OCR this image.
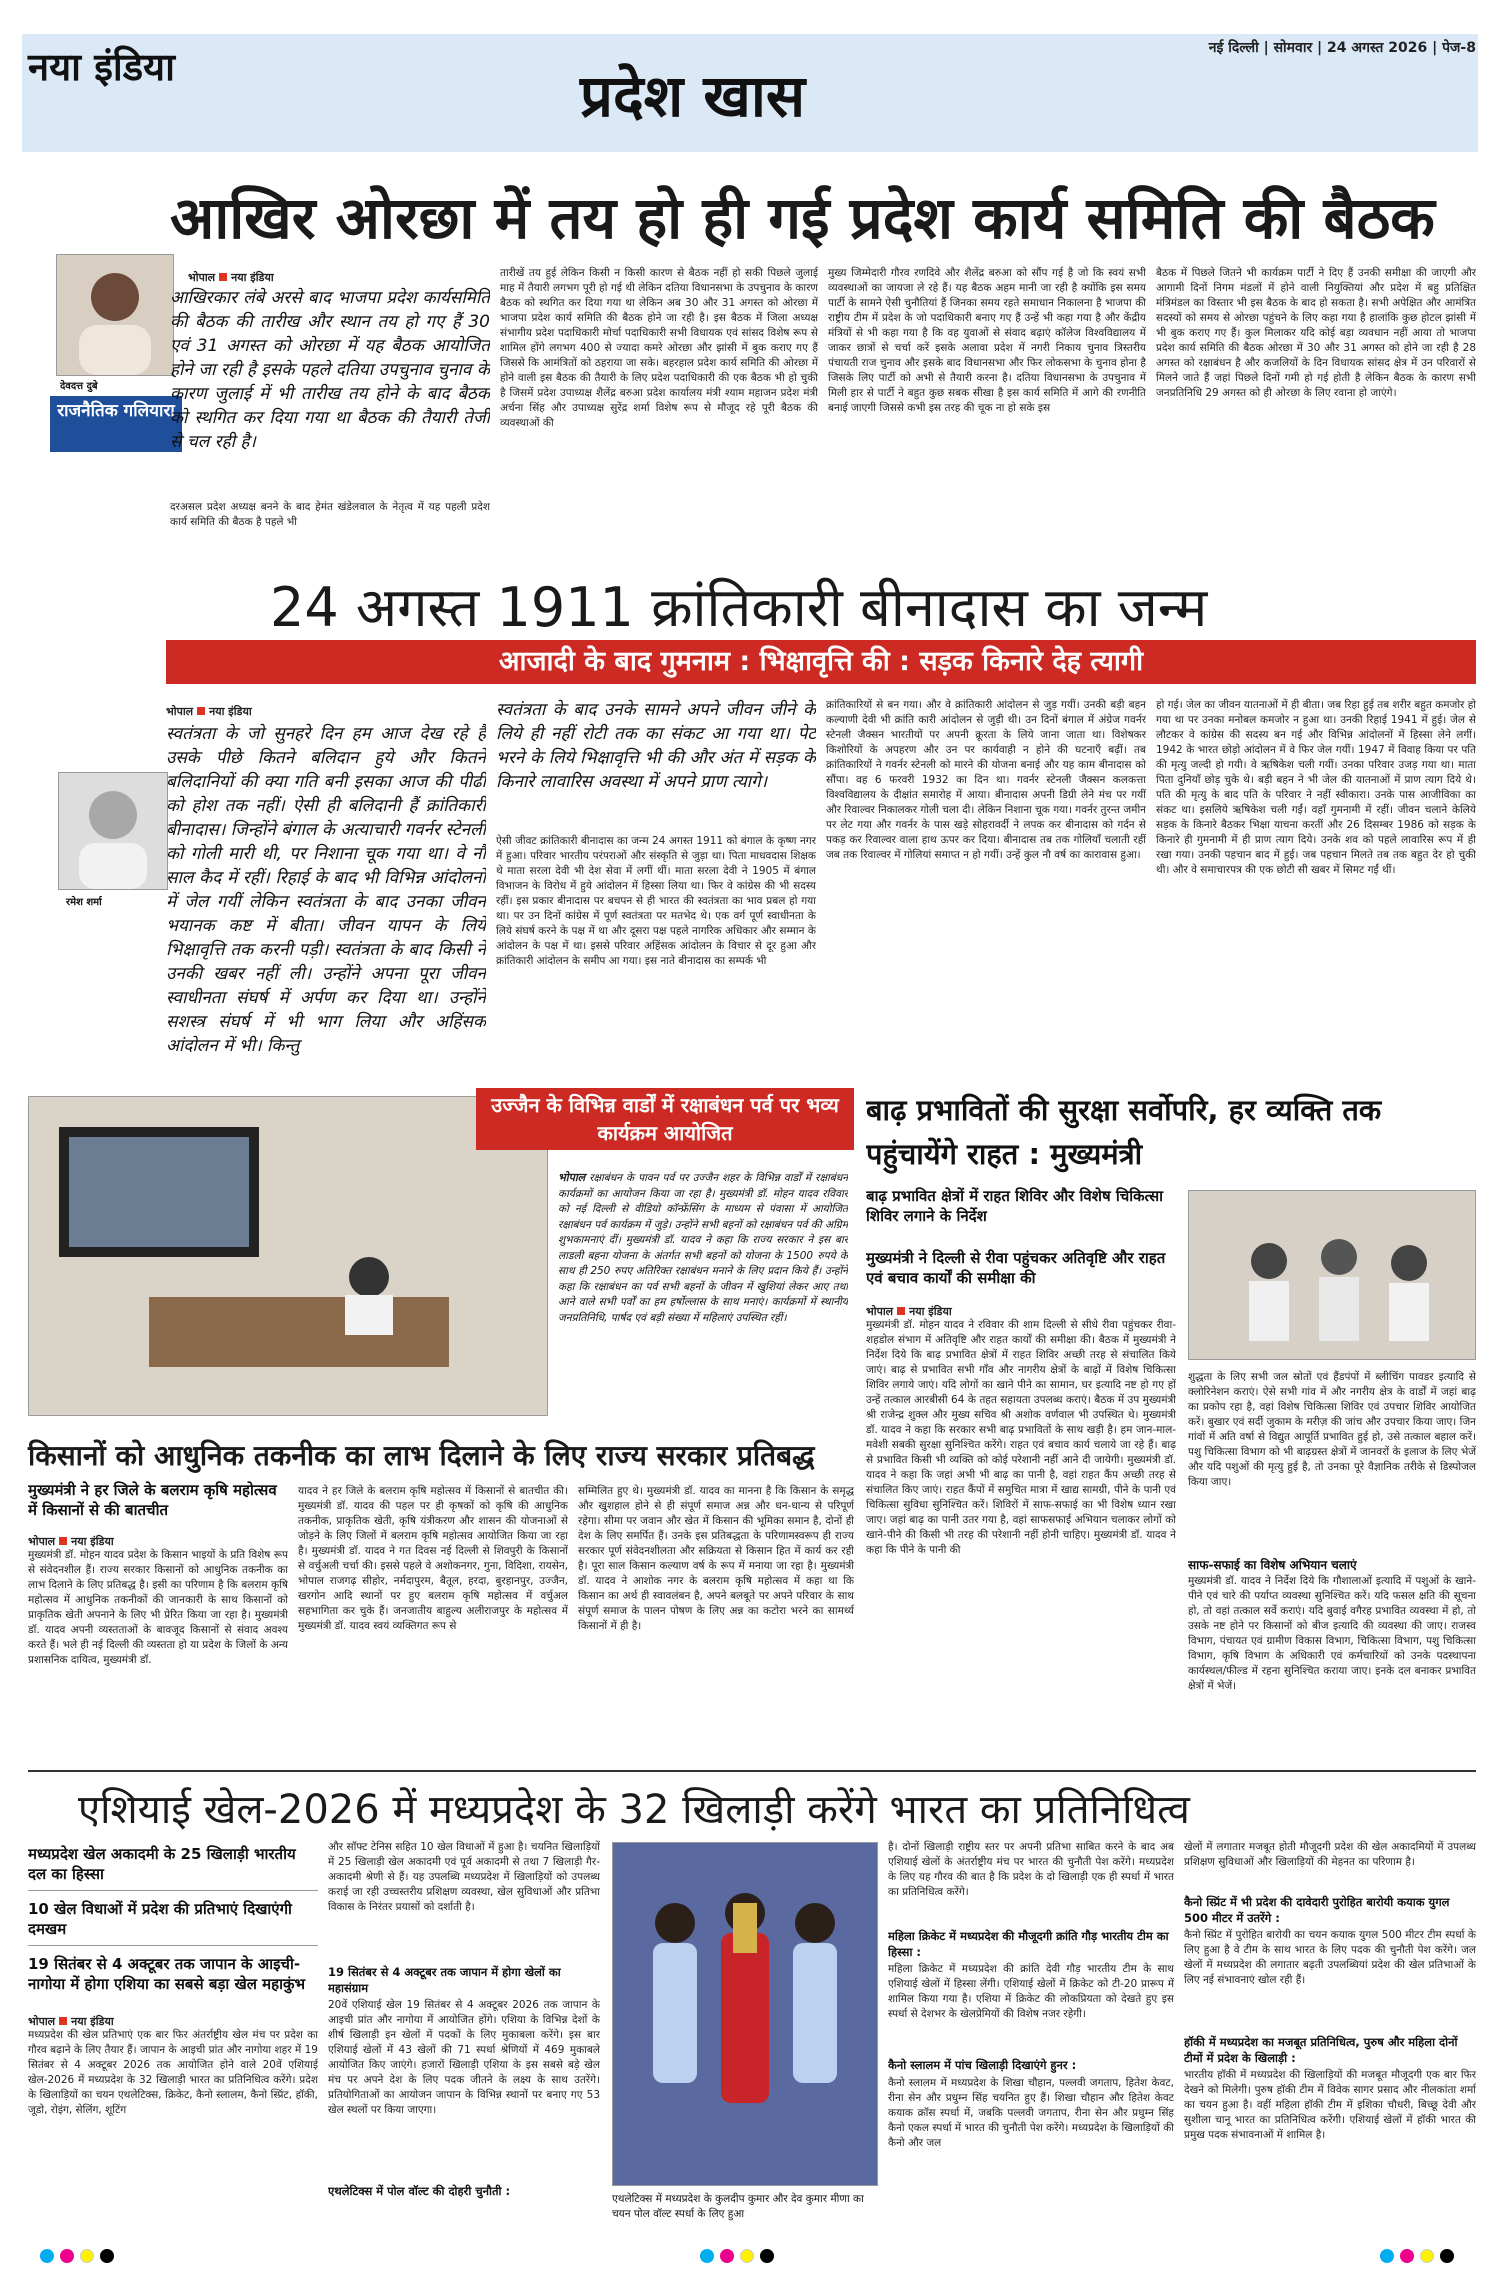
नया इंडिया	प्रदेश खास
नई दिल्ली | सोमवार | 24 अगस्त 2026 | पेज-8
आखिर ओरछा में तय हो ही गई प्रदेश कार्य समिति की बैठक
देवदत्त दुबे
राजनैतिक गलियारा
भोपाल नया इंडिया
आखिरकार लंबे अरसे बाद भाजपा प्रदेश कार्यसमिति की बैठक की तारीख और स्थान तय हो गए हैं 30 एवं 31 अगस्त को ओरछा में यह बैठक आयोजित होने जा रही है इसके पहले दतिया उपचुनाव चुनाव के कारण जुलाई में भी तारीख तय होने के बाद बैठक को स्थगित कर दिया गया था बैठक की तैयारी तेजी से चल रही है।
दरअसल प्रदेश अध्यक्ष बनने के बाद हेमंत खंडेलवाल के नेतृत्व में यह पहली प्रदेश कार्य समिति की बैठक है पहले भी
तारीखें तय हुई लेकिन किसी न किसी कारण से बैठक नहीं हो सकी पिछले जुलाई माह में तैयारी लगभग पूरी हो गई थी लेकिन दतिया विधानसभा के उपचुनाव के कारण बैठक को स्थगित कर दिया गया था लेकिन अब 30 और 31 अगस्त को ओरछा में भाजपा प्रदेश कार्य समिति की बैठक होने जा रही है। इस बैठक में जिला अध्यक्ष संभागीय प्रदेश पदाधिकारी मोर्चा पदाधिकारी सभी विधायक एवं सांसद विशेष रूप से शामिल होंगे लगभग 400 से ज्यादा कमरे ओरछा और झांसी में बुक कराए गए हैं जिससे कि आमंत्रितों को ठहराया जा सके। बहरहाल प्रदेश कार्य समिति की ओरछा में होने वाली इस बैठक की तैयारी के लिए प्रदेश पदाधिकारी की एक बैठक भी हो चुकी है जिसमें प्रदेश उपाध्यक्ष शैलेंद्र बरुआ प्रदेश कार्यालय मंत्री श्याम महाजन प्रदेश मंत्री अर्चना सिंह और उपाध्यक्ष सुरेंद्र शर्मा विशेष रूप से मौजूद रहे पूरी बैठक की व्यवस्थाओं की
मुख्य जिम्मेदारी गौरव रणदिवे और शैलेंद्र बरुआ को सौंप गई है जो कि स्वयं सभी व्यवस्थाओं का जायजा ले रहे हैं। यह बैठक अहम मानी जा रही है क्योंकि इस समय पार्टी के सामने ऐसी चुनौतियां हैं जिनका समय रहते समाधान निकालना है भाजपा की राष्ट्रीय टीम में प्रदेश के जो पदाधिकारी बनाए गए हैं उन्हें भी कहा गया है और केंद्रीय मंत्रियों से भी कहा गया है कि वह युवाओं से संवाद बढ़ाएं कॉलेज विश्वविद्यालय में जाकर छात्रों से चर्चा करें इसके अलावा प्रदेश में नगरी निकाय चुनाव त्रिस्तरीय पंचायती राज चुनाव और इसके बाद विधानसभा और फिर लोकसभा के चुनाव होना है जिसके लिए पार्टी को अभी से तैयारी करना है। दतिया विधानसभा के उपचुनाव में मिली हार से पार्टी ने बहुत कुछ सबक सीखा है इस कार्य समिति में आगे की रणनीति बनाई जाएगी जिससे कभी इस तरह की चूक ना हो सके इस
बैठक में पिछले जितने भी कार्यक्रम पार्टी ने दिए हैं उनकी समीक्षा की जाएगी और आगामी दिनों निगम मंडलों में होने वाली नियुक्तियां और प्रदेश में बहु प्रतिक्षित मंत्रिमंडल का विस्तार भी इस बैठक के बाद हो सकता है। सभी अपेक्षित और आमंत्रित सदस्यों को समय से ओरछा पहुंचने के लिए कहा गया है हालांकि कुछ होटल झांसी में भी बुक कराए गए हैं। कुल मिलाकर यदि कोई बड़ा व्यवधान नहीं आया तो भाजपा प्रदेश कार्य समिति की बैठक ओरछा में 30 और 31 अगस्त को होने जा रही है 28 अगस्त को रक्षाबंधन है और कजलियों के दिन विधायक सांसद क्षेत्र में उन परिवारों से मिलने जाते हैं जहां पिछले दिनों गमी हो गई होती है लेकिन बैठक के कारण सभी जनप्रतिनिधि 29 अगस्त को ही ओरछा के लिए रवाना हो जाएंगे।
24 अगस्त 1911 क्रांतिकारी बीनादास का जन्म
आजादी के बाद गुमनाम : भिक्षावृत्ति की : सड़क किनारे देह त्यागी
रमेश शर्मा
भोपाल नया इंडिया
स्वतंत्रता के जो सुनहरे दिन हम आज देख रहे हैं उसके पीछे कितने बलिदान हुये और कितने बलिदानियों की क्या गति बनी इसका आज की पीढी को होश तक नहीं। ऐसी ही बलिदानी हैं क्रांतिकारी बीनादास। जिन्होंने बंगाल के अत्याचारी गवर्नर स्टेनली को गोली मारी थी, पर निशाना चूक गया था। वे नौ साल कैद में रहीं। रिहाई के बाद भी विभिन्न आंदोलनों में जेल गयीं लेकिन स्वतंत्रता के बाद उनका जीवन भयानक कष्ट में बीता। जीवन यापन के लिये भिक्षावृत्ति तक करनी पड़ी। स्वतंत्रता के बाद किसी ने उनकी खबर नहीं ली। उन्होंने अपना पूरा जीवन स्वाधीनता संघर्ष में अर्पण कर दिया था। उन्होंने सशस्त्र संघर्ष में भी भाग लिया और अहिंसक आंदोलन में भी। किन्तु
स्वतंत्रता के बाद उनके सामने अपने जीवन जीने के लिये ही नहीं रोटी तक का संकट आ गया था। पेट भरने के लिये भिक्षावृत्ति भी की और अंत में सड़क के किनारे लावारिस अवस्था में अपने प्राण त्यागे।
ऐसी जीवट क्रांतिकारी बीनादास का जन्म 24 अगस्त 1911 को बंगाल के कृष्ण नगर में हुआ। परिवार भारतीय परंपराओं और संस्कृति से जुड़ा था। पिता माधवदास शिक्षक थे माता सरला देवी भी देश सेवा में लगीं थीं। माता सरला देवी ने 1905 में बंगाल विभाजन के विरोध में हुये आंदोलन में हिस्सा लिया था। फिर वे कांग्रेस की भी सदस्य रहीं। इस प्रकार बीनादास पर बचपन से ही भारत की स्वतंत्रता का भाव प्रबल हो गया था। पर उन दिनों कांग्रेस में पूर्ण स्वतंत्रता पर मतभेद थे। एक वर्ग पूर्ण स्वाधीनता के लिये संघर्ष करने के पक्ष में था और दूसरा पक्ष पहले नागरिक अधिकार और सम्मान के आंदोलन के पक्ष में था। इससे परिवार अहिंसक आंदोलन के विचार से दूर हुआ और क्रांतिकारी आंदोलन के समीप आ गया। इस नाते बीनादास का सम्पर्क भी
क्रांतिकारियों से बन गया। और वे क्रांतिकारी आंदोलन से जुड़ गयीं। उनकी बड़ी बहन कल्याणी देवी भी क्रांति कारी आंदोलन से जुड़ी थी। उन दिनों बंगाल में अंग्रेज गवर्नर स्टेनली जैक्सन भारतीयों पर अपनी क्रूरता के लिये जाना जाता था। विशेषकर किशोरियों के अपहरण और उन पर कार्यवाही न होने की घटनाएँ बढ़ीं। तब क्रांतिकारियों ने गवर्नर स्टेनली को मारने की योजना बनाई और यह काम बीनादास को सौंपा। वह 6 फरवरी 1932 का दिन था। गवर्नर स्टेनली जैक्सन कलकत्ता विश्वविद्यालय के दीक्षांत समारोह में आया। बीनादास अपनी डिग्री लेने मंच पर गयीं और रिवाल्वर निकालकर गोली चला दी। लेकिन निशाना चूक गया। गवर्नर तुरन्त जमीन पर लेट गया और गवर्नर के पास खड़े सोहरावर्दी ने लपक कर बीनादास को गर्दन से पकड़ कर रिवाल्वर वाला हाथ ऊपर कर दिया। बीनादास तब तक गोलियाँ चलाती रहीं जब तक रिवाल्वर में गोलियां समाप्त न हो गयीं। उन्हें कुल नौ वर्ष का कारावास हुआ।
हो गई। जेल का जीवन यातनाओं में ही बीता। जब रिहा हुई तब शरीर बहुत कमजोर हो गया था पर उनका मनोबल कमजोर न हुआ था। उनकी रिहाई 1941 में हुई। जेल से लौटकर वे कांग्रेस की सदस्य बन गई और विभिन्न आंदोलनों में हिस्सा लेने लगीं। 1942 के भारत छोड़ो आंदोलन में वे फिर जेल गयीं। 1947 में विवाह किया पर पति की मृत्यु जल्दी हो गयी। वे ऋषिकेश चली गयीं। उनका परिवार उजड़ गया था। माता पिता दुनियाँ छोड़ चुके थे। बड़ी बहन ने भी जेल की यातनाओं में प्राण त्याग दिये थे। पति की मृत्यु के बाद पति के परिवार ने नहीं स्वीकारा। उनके पास आजीविका का संकट था। इसलिये ऋषिकेश चली गईं। वहाँ गुमनामी में रहीं। जीवन चलाने केलिये सड़क के किनारे बैठकर भिक्षा याचना करतीं और 26 दिसम्बर 1986 को सड़क के किनारे ही गुमनामी में ही प्राण त्याग दिये। उनके शव को पहले लावारिस रूप में ही रखा गया। उनकी पहचान बाद में हुई। जब पहचान मिलते तब तक बहुत देर हो चुकी थी। और वे समाचारपत्र की एक छोटी सी खबर में सिमट गईं थीं।
उज्जैन के विभिन्न वार्डों में रक्षाबंधन पर्व पर भव्य कार्यक्रम आयोजित
भोपाल रक्षाबंधन के पावन पर्व पर उज्जैन शहर के विभिन्न वार्डों में रक्षाबंधन कार्यक्रमों का आयोजन किया जा रहा है। मुख्यमंत्री डॉ. मोहन यादव रविवार को नई दिल्ली से वीडियो कॉन्फ्रेंसिंग के माध्यम से पंवासा में आयोजित रक्षाबंधन पर्व कार्यक्रम में जुड़े। उन्होंने सभी बहनों को रक्षाबंधन पर्व की अग्रिम शुभकामनाएं दीं। मुख्यमंत्री डॉ. यादव ने कहा कि राज्य सरकार ने इस बार लाडली बहना योजना के अंतर्गत सभी बहनों को योजना के 1500 रुपये के साथ ही 250 रुपए अतिरिक्त रक्षाबंधन मनाने के लिए प्रदान किये हैं। उन्होंने कहा कि रक्षाबंधन का पर्व सभी बहनों के जीवन में खुशियां लेकर आए तथा आने वाले सभी पर्वों का हम हर्षोल्लास के साथ मनाएं। कार्यक्रमों में स्थानीय जनप्रतिनिधि, पार्षद एवं बड़ी संख्या में महिलाएं उपस्थित रहीं।
बाढ़ प्रभावितों की सुरक्षा सर्वोपरि, हर व्यक्ति तक पहुंचायेंगे राहत : मुख्यमंत्री
बाढ़ प्रभावित क्षेत्रों में राहत शिविर और विशेष चिकित्सा शिविर लगाने के निर्देश
मुख्यमंत्री ने दिल्ली से रीवा पहुंचकर अतिवृष्टि और राहत एवं बचाव कार्यों की समीक्षा की
भोपाल नया इंडिया
मुख्यमंत्री डॉ. मोहन यादव ने रविवार की शाम दिल्ली से सीधे रीवा पहुंचकर रीवा-शहडोल संभाग में अतिवृष्टि और राहत कार्यों की समीक्षा की। बैठक में मुख्यमंत्री ने निर्देश दिये कि बाढ़ प्रभावित क्षेत्रों में राहत शिविर अच्छी तरह से संचालित किये जाएं। बाढ़ से प्रभावित सभी गाँव और नागरीय क्षेत्रों के बाढ़ों में विशेष चिकित्सा शिविर लगाये जाएं। यदि लोगों का खाने पीने का सामान, घर इत्यादि नष्ट हो गए हों उन्हें तत्काल आरबीसी 64 के तहत सहायता उपलब्ध कराएं। बैठक में उप मुख्यमंत्री श्री राजेन्द्र शुक्ल और मुख्य सचिव श्री अशोक वर्णवाल भी उपस्थित थे। मुख्यमंत्री डॉ. यादव ने कहा कि सरकार सभी बाढ़ प्रभावितों के साथ खड़ी है। हम जान-माल-मवेशी सबकी सुरक्षा सुनिश्चित करेंगे। राहत एवं बचाव कार्य चलाये जा रहे हैं। बाढ़ से प्रभावित किसी भी व्यक्ति को कोई परेशानी नहीं आने दी जायेगी। मुख्यमंत्री डॉ. यादव ने कहा कि जहां अभी भी बाढ़ का पानी है, वहां राहत कैंप अच्छी तरह से संचालित किए जाएं। राहत कैंपों में समुचित मात्रा में खाद्य सामग्री, पीने के पानी एवं चिकित्सा सुविधा सुनिश्चित करें। शिविरों में साफ-सफाई का भी विशेष ध्यान रखा जाए। जहां बाढ़ का पानी उतर गया है, वहां साफसफाई अभियान चलाकर लोगों को खाने-पीने की किसी भी तरह की परेशानी नहीं होनी चाहिए। मुख्यमंत्री डॉ. यादव ने कहा कि पीने के पानी की
शुद्धता के लिए सभी जल स्रोतों एवं हैंडपंपों में ब्लीचिंग पावडर इत्यादि से क्लोरिनेशन कराएं। ऐसे सभी गांव में और नगरीय क्षेत्र के वार्डों में जहां बाढ़ का प्रकोप रहा है, वहां विशेष चिकित्सा शिविर एवं उपचार शिविर आयोजित करें। बुखार एवं सर्दी जुकाम के मरीज़ की जांच और उपचार किया जाए। जिन गांवों में अति वर्षा से विद्युत आपूर्ति प्रभावित हुई हो, उसे तत्काल बहाल करें। पशु चिकित्सा विभाग को भी बाढ़ग्रस्त क्षेत्रों में जानवरों के इलाज के लिए भेजें और यदि पशुओं की मृत्यु हुई है, तो उनका पूरे वैज्ञानिक तरीके से डिस्पोजल किया जाए।
साफ-सफाई का विशेष अभियान चलाएं
मुख्यमंत्री डॉ. यादव ने निर्देश दिये कि गौशालाओं इत्यादि में पशुओं के खाने-पीने एवं चारे की पर्याप्त व्यवस्था सुनिश्चित करें। यदि फसल क्षति की सूचना हो, तो वहां तत्काल सर्वे कराएं। यदि बुवाई वगैरह प्रभावित व्यवस्था में हो, तो उसके नष्ट होने पर किसानों को बीज इत्यादि की व्यवस्था की जाए। राजस्व विभाग, पंचायत एवं ग्रामीण विकास विभाग, चिकित्सा विभाग, पशु चिकित्सा विभाग, कृषि विभाग के अधिकारी एवं कर्मचारियों को उनके पदस्थापना कार्यस्थल/फील्ड में रहना सुनिश्चित कराया जाए। इनके दल बनाकर प्रभावित क्षेत्रों में भेजें।
किसानों को आधुनिक तकनीक का लाभ दिलाने के लिए राज्य सरकार प्रतिबद्ध
मुख्यमंत्री ने हर जिले के बलराम कृषि महोत्सव में किसानों से की बातचीत
भोपाल नया इंडिया
मुख्यमंत्री डॉ. मोहन यादव प्रदेश के किसान भाइयों के प्रति विशेष रूप से संवेदनशील हैं। राज्य सरकार किसानों को आधुनिक तकनीक का लाभ दिलाने के लिए प्रतिबद्ध है। इसी का परिणाम है कि बलराम कृषि महोत्सव में आधुनिक तकनीकों की जानकारी के साथ किसानों को प्राकृतिक खेती अपनाने के लिए भी प्रेरित किया जा रहा है। मुख्यमंत्री डॉ. यादव अपनी व्यस्तताओं के बावजूद किसानों से संवाद अवश्य करते हैं। भले ही नई दिल्ली की व्यस्तता हो या प्रदेश के जिलों के अन्य प्रशासनिक दायित्व, मुख्यमंत्री डॉ.
यादव ने हर जिले के बलराम कृषि महोत्सव में किसानों से बातचीत की। मुख्यमंत्री डॉ. यादव की पहल पर ही कृषकों को कृषि की आधुनिक तकनीक, प्राकृतिक खेती, कृषि यंत्रीकरण और शासन की योजनाओं से जोड़ने के लिए जिलों में बलराम कृषि महोत्सव आयोजित किया जा रहा है। मुख्यमंत्री डॉ. यादव ने गत दिवस नई दिल्ली से शिवपुरी के किसानों से वर्चुअली चर्चा की। इससे पहले वे अशोकनगर, गुना, विदिशा, रायसेन, भोपाल राजगढ़ सीहोर, नर्मदापुरम, बैतूल, हरदा, बुरहानपुर, उज्जैन, खरगोन आदि स्थानों पर हुए बलराम कृषि महोत्सव में वर्चुअल सहभागिता कर चुके हैं। जनजातीय बाहुल्य अलीराजपुर के महोत्सव में मुख्यमंत्री डॉ. यादव स्वयं व्यक्तिगत रूप से
सम्मिलित हुए थे। मुख्यमंत्री डॉ. यादव का मानना है कि किसान के समृद्ध और खुशहाल होने से ही संपूर्ण समाज अन्न और धन-धान्य से परिपूर्ण रहेगा। सीमा पर जवान और खेत में किसान की भूमिका समान है, दोनों ही देश के लिए समर्पित हैं। उनके इस प्रतिबद्धता के परिणामस्वरूप ही राज्य सरकार पूर्ण संवेदनशीलता और सक्रियता से किसान हित में कार्य कर रही है। पूरा साल किसान कल्याण वर्ष के रूप में मनाया जा रहा है। मुख्यमंत्री डॉ. यादव ने आशोक नगर के बलराम कृषि महोत्सव में कहा था कि किसान का अर्थ ही स्वावलंबन है, अपने बलबूते पर अपने परिवार के साथ संपूर्ण समाज के पालन पोषण के लिए अन्न का कटोरा भरने का सामर्थ्य किसानों में ही है।
एशियाई खेल-2026 में मध्यप्रदेश के 32 खिलाड़ी करेंगे भारत का प्रतिनिधित्व
मध्यप्रदेश खेल अकादमी के 25 खिलाड़ी भारतीय दल का हिस्सा
10 खेल विधाओं में प्रदेश की प्रतिभाएं दिखाएंगी दमखम
19 सितंबर से 4 अक्टूबर तक जापान के आइची-नागोया में होगा एशिया का सबसे बड़ा खेल महाकुंभ
भोपाल नया इंडिया
मध्यप्रदेश की खेल प्रतिभाएं एक बार फिर अंतर्राष्ट्रीय खेल मंच पर प्रदेश का गौरव बढ़ाने के लिए तैयार हैं। जापान के आइची प्रांत और नागोया शहर में 19 सितंबर से 4 अक्टूबर 2026 तक आयोजित होने वाले 20वें एशियाई खेल-2026 में मध्यप्रदेश के 32 खिलाड़ी भारत का प्रतिनिधित्व करेंगे। प्रदेश के खिलाड़ियों का चयन एथलेटिक्स, क्रिकेट, कैनो स्लालम, कैनो स्प्रिंट, हॉकी, जूडो, रोइंग, सेलिंग, शूटिंग
और सॉफ्ट टेनिस सहित 10 खेल विधाओं में हुआ है। चयनित खिलाड़ियों में 25 खिलाड़ी खेल अकादमी एवं पूर्व अकादमी से तथा 7 खिलाड़ी गैर-अकादमी श्रेणी से हैं। यह उपलब्धि मध्यप्रदेश में खिलाड़ियों को उपलब्ध कराई जा रही उच्चस्तरीय प्रशिक्षण व्यवस्था, खेल सुविधाओं और प्रतिभा विकास के निरंतर प्रयासों को दर्शाती है।
19 सितंबर से 4 अक्टूबर तक जापान में होगा खेलों का महासंग्राम
20वें एशियाई खेल 19 सितंबर से 4 अक्टूबर 2026 तक जापान के आइची प्रांत और नागोया में आयोजित होंगे। एशिया के विभिन्न देशों के शीर्ष खिलाड़ी इन खेलों में पदकों के लिए मुकाबला करेंगे। इस बार एशियाई खेलों में 43 खेलों की 71 स्पर्धा श्रेणियों में 469 मुकाबले आयोजित किए जाएंगे। हजारों खिलाड़ी एशिया के इस सबसे बड़े खेल मंच पर अपने देश के लिए पदक जीतने के लक्ष्य के साथ उतरेंगे। प्रतियोगिताओं का आयोजन जापान के विभिन्न स्थानों पर बनाए गए 53 खेल स्थलों पर किया जाएगा।
एथलेटिक्स में पोल वॉल्ट की दोहरी चुनौती :
एथलेटिक्स में मध्यप्रदेश के कुलदीप कुमार और देव कुमार मीणा का चयन पोल वॉल्ट स्पर्धा के लिए हुआ
है। दोनों खिलाड़ी राष्ट्रीय स्तर पर अपनी प्रतिभा साबित करने के बाद अब एशियाई खेलों के अंतर्राष्ट्रीय मंच पर भारत की चुनौती पेश करेंगे। मध्यप्रदेश के लिए यह गौरव की बात है कि प्रदेश के दो खिलाड़ी एक ही स्पर्धा में भारत का प्रतिनिधित्व करेंगे।
महिला क्रिकेट में मध्यप्रदेश की मौजूदगी क्रांति गौड़ भारतीय टीम का हिस्सा :
महिला क्रिकेट में मध्यप्रदेश की क्रांति देवी गौड़ भारतीय टीम के साथ एशियाई खेलों में हिस्सा लेंगी। एशियाई खेलों में क्रिकेट को टी-20 प्रारूप में शामिल किया गया है। एशिया में क्रिकेट की लोकप्रियता को देखते हुए इस स्पर्धा से देशभर के खेलप्रेमियों की विशेष नजर रहेगी।
कैनो स्लालम में पांच खिलाड़ी दिखाएंगे हुनर :
कैनो स्लालम में मध्यप्रदेश के शिखा चौहान, पल्लवी जगताप, हितेश केवट, रीना सेन और प्रधुम्न सिंह चयनित हुए हैं। शिखा चौहान और हितेश केवट कयाक क्रॉस स्पर्धा में, जबकि पल्लवी जगताप, रीना सेन और प्रधुम्न सिंह कैनो एकल स्पर्धा में भारत की चुनौती पेश करेंगे। मध्यप्रदेश के खिलाड़ियों की कैनो और जल
खेलों में लगातार मजबूत होती मौजूदगी प्रदेश की खेल अकादमियों में उपलब्ध प्रशिक्षण सुविधाओं और खिलाड़ियों की मेहनत का परिणाम है।
कैनो स्प्रिंट में भी प्रदेश की दावेदारी पुरोहित बारोयी कयाक युगल 500 मीटर में उतरेंगे :
कैनो स्प्रिंट में पुरोहित बारोयी का चयन कयाक युगल 500 मीटर टीम स्पर्धा के लिए हुआ है वे टीम के साथ भारत के लिए पदक की चुनौती पेश करेंगे। जल खेलों में मध्यप्रदेश की लगातार बढ़ती उपलब्धियां प्रदेश की खेल प्रतिभाओं के लिए नई संभावनाएं खोल रही हैं।
हॉकी में मध्यप्रदेश का मजबूत प्रतिनिधित्व, पुरुष और महिला दोनों टीमों में प्रदेश के खिलाड़ी :
भारतीय हॉकी में मध्यप्रदेश की खिलाड़ियों की मजबूत मौजूदगी एक बार फिर देखने को मिलेगी। पुरुष हॉकी टीम में विवेक सागर प्रसाद और नीलकांता शर्मा का चयन हुआ है। वहीं महिला हॉकी टीम में इशिका चौधरी, बिच्छू देवी और सुशीला चानू भारत का प्रतिनिधित्व करेंगी। एशियाई खेलों में हॉकी भारत की प्रमुख पदक संभावनाओं में शामिल है।
